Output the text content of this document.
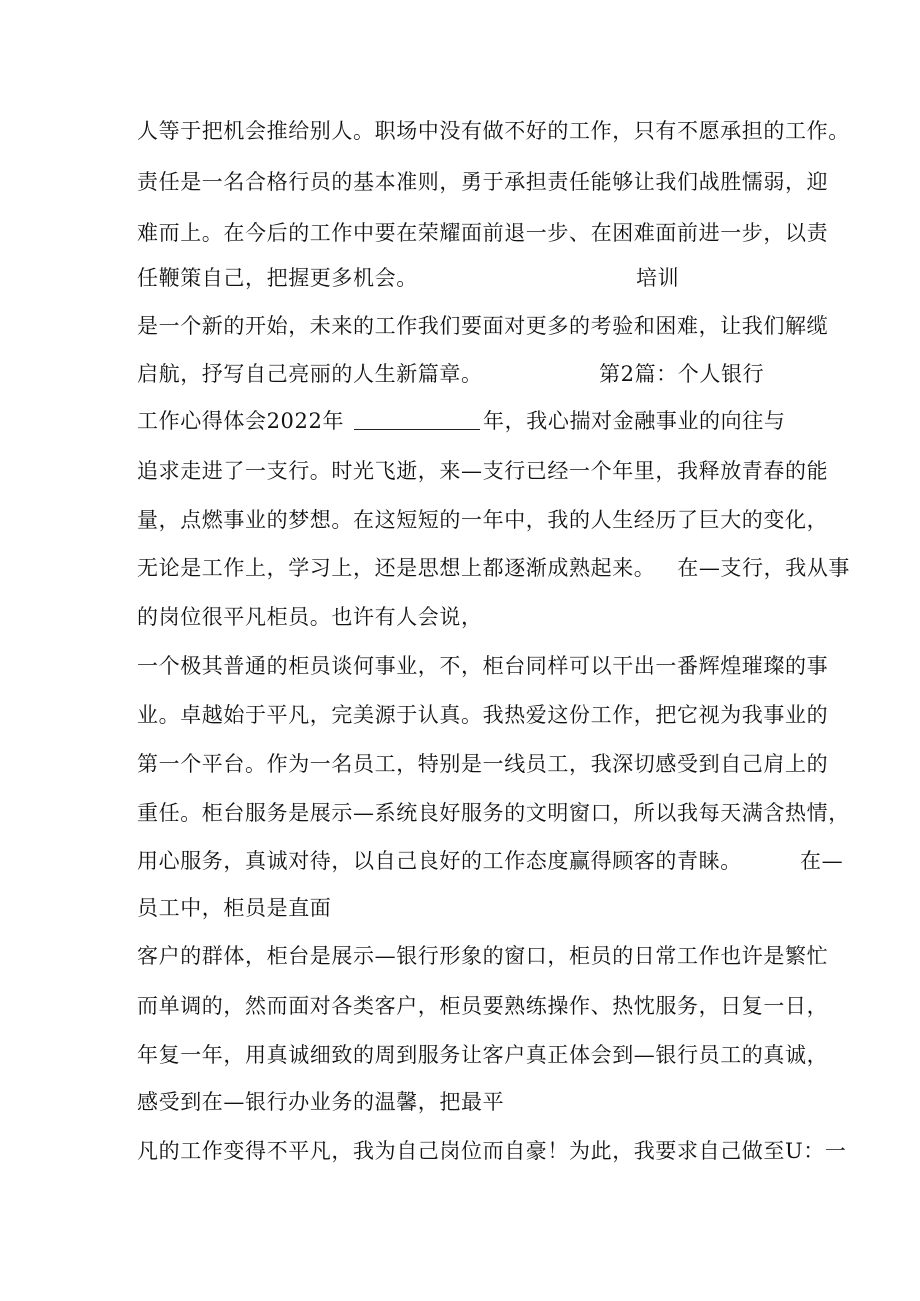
人等于把机会推给别人。职场中没有做不好的工作，只有不愿承担的工作。
责任是一名合格行员的基本准则，勇于承担责任能够让我们战胜懦弱，迎
难而上。在今后的工作中要在荣耀面前退一步、在困难面前进一步，以责
任鞭策自己，把握更多机会。                              培训
是一个新的开始，未来的工作我们要面对更多的考验和困难，让我们解缆
启航，抒写自己亮丽的人生新篇章。                第2篇：个人银行
工作心得体会2022年	年，我心揣对金融事业的向往与
追求走进了一支行。时光飞逝，来—支行已经一个年里，我释放青春的能
量，点燃事业的梦想。在这短短的一年中，我的人生经历了巨大的变化，
无论是工作上，学习上，还是思想上都逐渐成熟起来。   在—支行，我从事
的岗位很平凡柜员。也许有人会说，
一个极其普通的柜员谈何事业，不，柜台同样可以干出一番辉煌璀璨的事
业。卓越始于平凡，完美源于认真。我热爱这份工作，把它视为我事业的
第一个平台。作为一名员工，特别是一线员工，我深切感受到自己肩上的
重任。柜台服务是展示—系统良好服务的文明窗口，所以我每天满含热情，
用心服务，真诚对待，以自己良好的工作态度赢得顾客的青睐。        在—
员工中，柜员是直面
客户的群体，柜台是展示—银行形象的窗口，柜员的日常工作也许是繁忙
而单调的，然而面对各类客户，柜员要熟练操作、热忱服务，日复一日，
年复一年，用真诚细致的周到服务让客户真正体会到—银行员工的真诚，
感受到在—银行办业务的温馨，把最平
凡的工作变得不平凡，我为自己岗位而自豪！为此，我要求自己做至U：一
